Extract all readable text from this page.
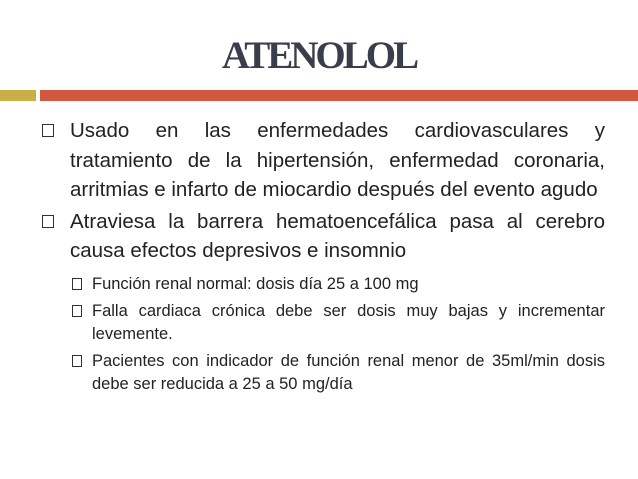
ATENOLOL
Usado en las enfermedades cardiovasculares y tratamiento de la hipertensión, enfermedad coronaria, arritmias e infarto de miocardio después del evento agudo
Atraviesa la barrera hematoencefálica pasa al cerebro causa efectos depresivos e insomnio
Función renal normal: dosis día 25 a 100 mg
Falla cardiaca crónica debe ser dosis muy bajas y incrementar levemente.
Pacientes con indicador de función renal menor de 35ml/min dosis debe ser reducida a 25 a 50 mg/día
